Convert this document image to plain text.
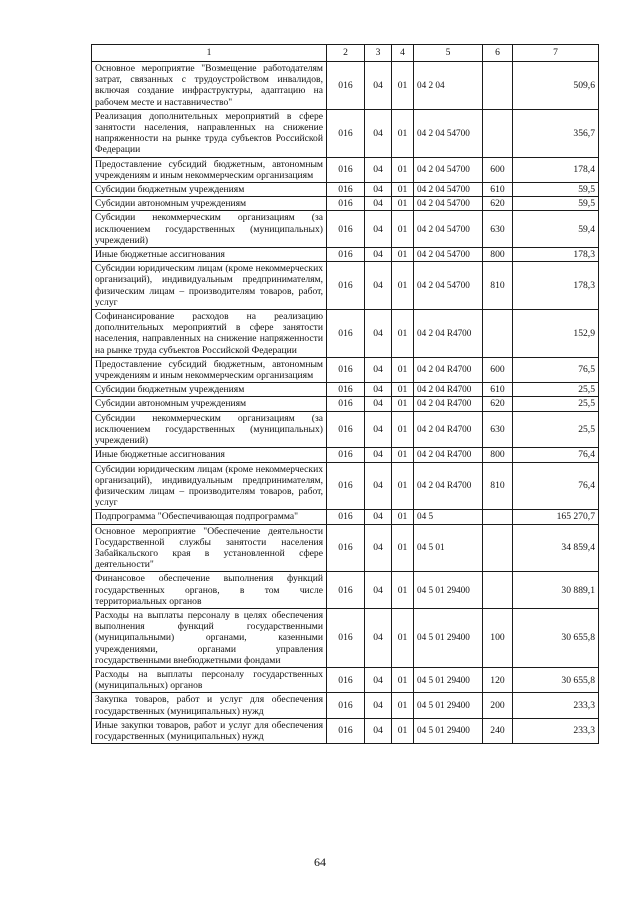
1	2	3	4	5	6	7
Основное мероприятие "Возмещение работодателям затрат, связанных с трудоустройством инвалидов, включая создание инфраструктуры, адаптацию на рабочем месте и наставничество"	016	04	01	04 2 04		509,6
Реализация дополнительных мероприятий в сфере занятости населения, направленных на снижение напряженности на рынке труда субъектов Российской Федерации	016	04	01	04 2 04 54700		356,7
Предоставление субсидий бюджетным, автономным учреждениям и иным некоммерческим организациям	016	04	01	04 2 04 54700	600	178,4
Субсидии бюджетным учреждениям	016	04	01	04 2 04 54700	610	59,5
Субсидии автономным учреждениям	016	04	01	04 2 04 54700	620	59,5
Субсидии некоммерческим организациям (за исключением государственных (муниципальных) учреждений)	016	04	01	04 2 04 54700	630	59,4
Иные бюджетные ассигнования	016	04	01	04 2 04 54700	800	178,3
Субсидии юридическим лицам (кроме некоммерческих организаций), индивидуальным предпринимателям, физическим лицам – производителям товаров, работ, услуг	016	04	01	04 2 04 54700	810	178,3
Софинансирование расходов на реализацию дополнительных мероприятий в сфере занятости населения, направленных на снижение напряженности на рынке труда субъектов Российской Федерации	016	04	01	04 2 04 R4700		152,9
Предоставление субсидий бюджетным, автономным учреждениям и иным некоммерческим организациям	016	04	01	04 2 04 R4700	600	76,5
Субсидии бюджетным учреждениям	016	04	01	04 2 04 R4700	610	25,5
Субсидии автономным учреждениям	016	04	01	04 2 04 R4700	620	25,5
Субсидии некоммерческим организациям (за исключением государственных (муниципальных) учреждений)	016	04	01	04 2 04 R4700	630	25,5
Иные бюджетные ассигнования	016	04	01	04 2 04 R4700	800	76,4
Субсидии юридическим лицам (кроме некоммерческих организаций), индивидуальным предпринимателям, физическим лицам – производителям товаров, работ, услуг	016	04	01	04 2 04 R4700	810	76,4
Подпрограмма "Обеспечивающая подпрограмма"	016	04	01	04 5		165 270,7
Основное мероприятие "Обеспечение деятельности Государственной службы занятости населения Забайкальского края в установленной сфере деятельности"	016	04	01	04 5 01		34 859,4
Финансовое обеспечение выполнения функций государственных органов, в том числе территориальных органов	016	04	01	04 5 01 29400		30 889,1
Расходы на выплаты персоналу в целях обеспечения выполнения функций государственными (муниципальными) органами, казенными учреждениями, органами управления государственными внебюджетными фондами	016	04	01	04 5 01 29400	100	30 655,8
Расходы на выплаты персоналу государственных (муниципальных) органов	016	04	01	04 5 01 29400	120	30 655,8
Закупка товаров, работ и услуг для обеспечения государственных (муниципальных) нужд	016	04	01	04 5 01 29400	200	233,3
Иные закупки товаров, работ и услуг для обеспечения государственных (муниципальных) нужд	016	04	01	04 5 01 29400	240	233,3
64
